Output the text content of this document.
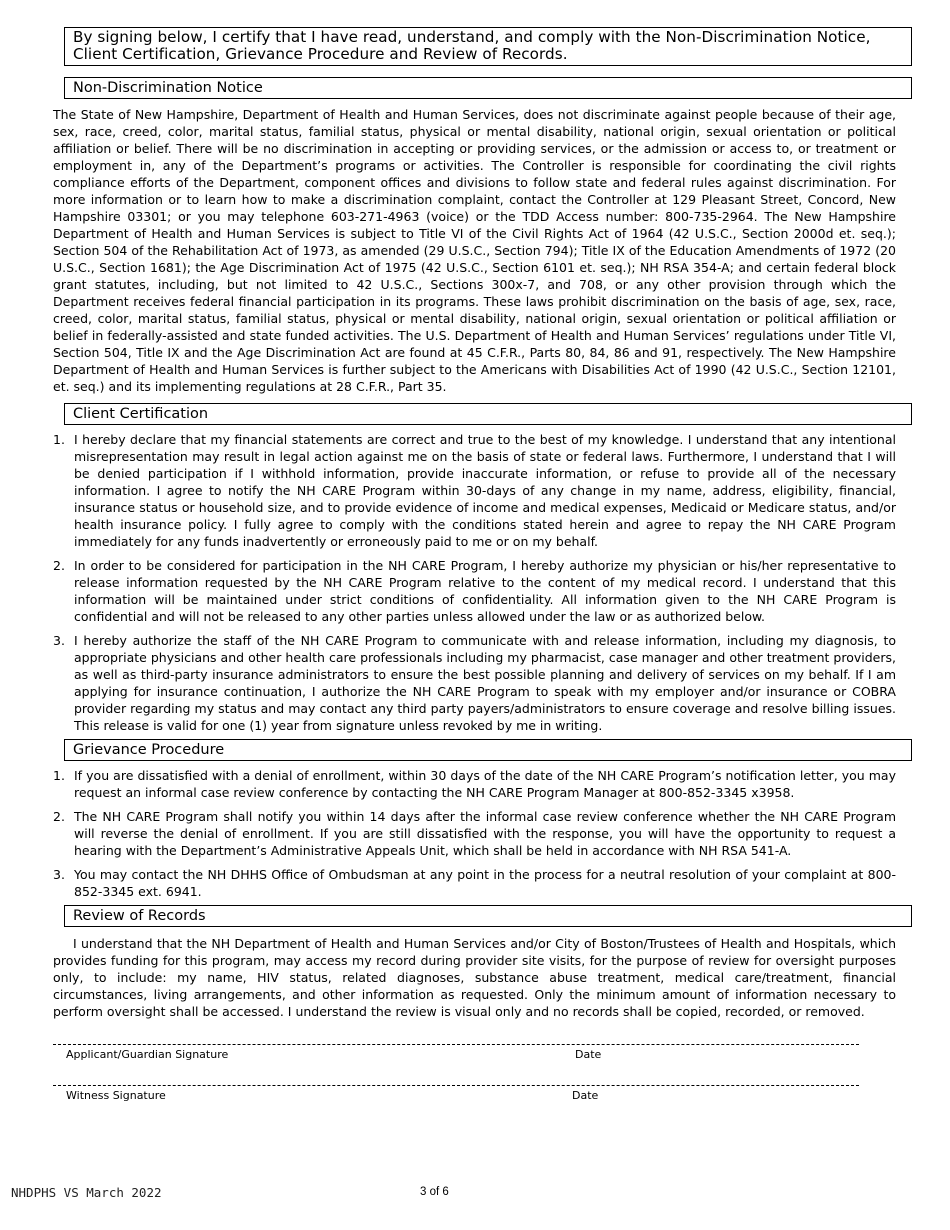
By signing below, I certify that I have read, understand, and comply with the Non-Discrimination Notice, Client Certification, Grievance Procedure and Review of Records.
Non-Discrimination Notice
The State of New Hampshire, Department of Health and Human Services, does not discriminate against people because of their age, sex, race, creed, color, marital status, familial status, physical or mental disability, national origin, sexual orientation or political affiliation or belief. There will be no discrimination in accepting or providing services, or the admission or access to, or treatment or employment in, any of the Department’s programs or activities. The Controller is responsible for coordinating the civil rights compliance efforts of the Department, component offices and divisions to follow state and federal rules against discrimination. For more information or to learn how to make a discrimination complaint, contact the Controller at 129 Pleasant Street, Concord, New Hampshire 03301; or you may telephone 603-271-4963 (voice) or the TDD Access number: 800-735-2964. The New Hampshire Department of Health and Human Services is subject to Title VI of the Civil Rights Act of 1964 (42 U.S.C., Section 2000d et. seq.); Section 504 of the Rehabilitation Act of 1973, as amended (29 U.S.C., Section 794); Title IX of the Education Amendments of 1972 (20 U.S.C., Section 1681); the Age Discrimination Act of 1975 (42 U.S.C., Section 6101 et. seq.); NH RSA 354-A; and certain federal block grant statutes, including, but not limited to 42 U.S.C., Sections 300x-7, and 708, or any other provision through which the Department receives federal financial participation in its programs. These laws prohibit discrimination on the basis of age, sex, race, creed, color, marital status, familial status, physical or mental disability, national origin, sexual orientation or political affiliation or belief in federally-assisted and state funded activities. The U.S. Department of Health and Human Services’ regulations under Title VI, Section 504, Title IX and the Age Discrimination Act are found at 45 C.F.R., Parts 80, 84, 86 and 91, respectively. The New Hampshire Department of Health and Human Services is further subject to the Americans with Disabilities Act of 1990 (42 U.S.C., Section 12101, et. seq.) and its implementing regulations at 28 C.F.R., Part 35.
Client Certification
1. I hereby declare that my financial statements are correct and true to the best of my knowledge. I understand that any intentional misrepresentation may result in legal action against me on the basis of state or federal laws. Furthermore, I understand that I will be denied participation if I withhold information, provide inaccurate information, or refuse to provide all of the necessary information. I agree to notify the NH CARE Program within 30-days of any change in my name, address, eligibility, financial, insurance status or household size, and to provide evidence of income and medical expenses, Medicaid or Medicare status, and/or health insurance policy. I fully agree to comply with the conditions stated herein and agree to repay the NH CARE Program immediately for any funds inadvertently or erroneously paid to me or on my behalf.
2. In order to be considered for participation in the NH CARE Program, I hereby authorize my physician or his/her representative to release information requested by the NH CARE Program relative to the content of my medical record. I understand that this information will be maintained under strict conditions of confidentiality. All information given to the NH CARE Program is confidential and will not be released to any other parties unless allowed under the law or as authorized below.
3. I hereby authorize the staff of the NH CARE Program to communicate with and release information, including my diagnosis, to appropriate physicians and other health care professionals including my pharmacist, case manager and other treatment providers, as well as third-party insurance administrators to ensure the best possible planning and delivery of services on my behalf. If I am applying for insurance continuation, I authorize the NH CARE Program to speak with my employer and/or insurance or COBRA provider regarding my status and may contact any third party payers/administrators to ensure coverage and resolve billing issues. This release is valid for one (1) year from signature unless revoked by me in writing.
Grievance Procedure
1. If you are dissatisfied with a denial of enrollment, within 30 days of the date of the NH CARE Program’s notification letter, you may request an informal case review conference by contacting the NH CARE Program Manager at 800-852-3345 x3958.
2. The NH CARE Program shall notify you within 14 days after the informal case review conference whether the NH CARE Program will reverse the denial of enrollment. If you are still dissatisfied with the response, you will have the opportunity to request a hearing with the Department’s Administrative Appeals Unit, which shall be held in accordance with NH RSA 541-A.
3. You may contact the NH DHHS Office of Ombudsman at any point in the process for a neutral resolution of your complaint at 800-852-3345 ext. 6941.
Review of Records
I understand that the NH Department of Health and Human Services and/or City of Boston/Trustees of Health and Hospitals, which provides funding for this program, may access my record during provider site visits, for the purpose of review for oversight purposes only, to include: my name, HIV status, related diagnoses, substance abuse treatment, medical care/treatment, financial circumstances, living arrangements, and other information as requested. Only the minimum amount of information necessary to perform oversight shall be accessed. I understand the review is visual only and no records shall be copied, recorded, or removed.
Applicant/Guardian Signature	Date
Witness Signature	Date
NHDPHS VS March 2022	3 of 6
